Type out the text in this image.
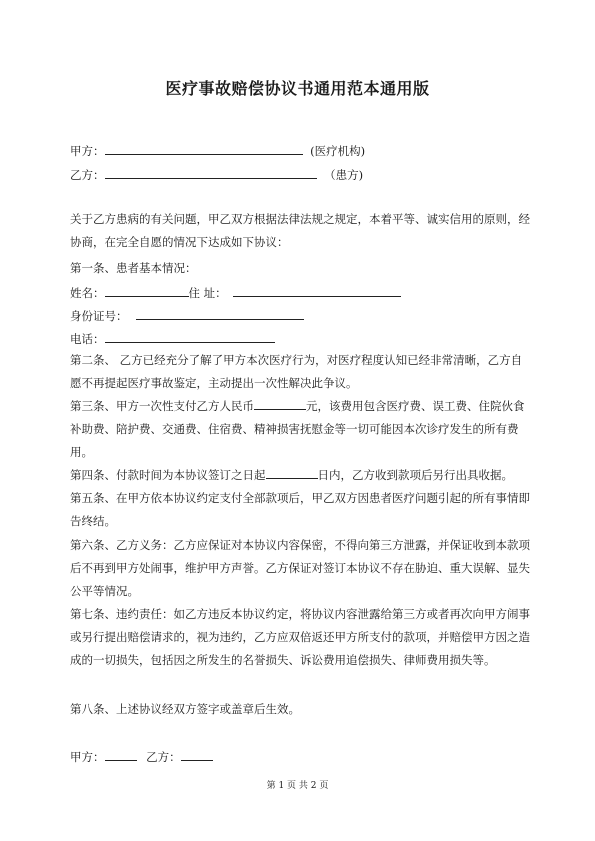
医疗事故赔偿协议书通用范本通用版
甲方：	(医疗机构)
乙方：	（患方)
关于乙方患病的有关问题，甲乙双方根据法律法规之规定，本着平等、诚实信用的原则，经协商，在完全自愿的情况下达成如下协议：
第一条、患者基本情况：
姓名：	住 址：
身份证号：
电话：
第二条、 乙方已经充分了解了甲方本次医疗行为，对医疗程度认知已经非常清晰，乙方自愿不再提起医疗事故鉴定，主动提出一次性解决此争议。
第三条、甲方一次性支付乙方人民币	元，该费用包含医疗费、误工费、住院伙食补助费、陪护费、交通费、住宿费、精神损害抚慰金等一切可能因本次诊疗发生的所有费用。
第四条、付款时间为本协议签订之日起	日内，乙方收到款项后另行出具收据。
第五条、在甲方依本协议约定支付全部款项后，甲乙双方因患者医疗问题引起的所有事情即告终结。
第六条、乙方义务：乙方应保证对本协议内容保密，不得向第三方泄露，并保证收到本款项后不再到甲方处闹事，维护甲方声誉。乙方保证对签订本协议不存在胁迫、重大误解、显失公平等情况。
第七条、违约责任：如乙方违反本协议约定，将协议内容泄露给第三方或者再次向甲方闹事或另行提出赔偿请求的，视为违约，乙方应双倍返还甲方所支付的款项，并赔偿甲方因之造成的一切损失，包括因之所发生的名誉损失、诉讼费用追偿损失、律师费用损失等。
第八条、上述协议经双方签字或盖章后生效。
甲方：	乙方：
第 1 页 共 2 页
